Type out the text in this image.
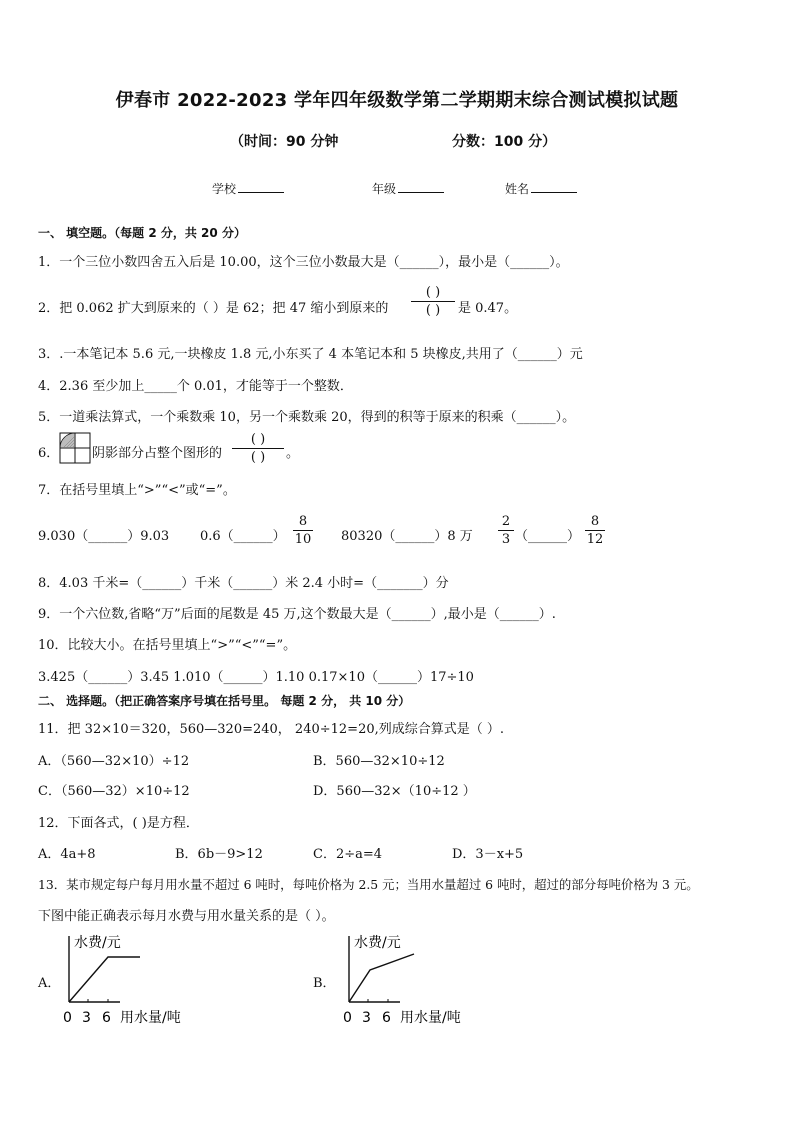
伊春市 2022-2023 学年四年级数学第二学期期末综合测试模拟试题
（时间：90 分钟	分数：100 分）
学校	年级	姓名
一、 填空题。（每题 2 分，共 20 分）
1．一个三位小数四舍五入后是 10.00，这个三位小数最大是（______），最小是（______）。
2．把 0.062 扩大到原来的（ ）是 62；把 47 缩小到原来的
( )
( ) 是 0.47。
3．.一本笔记本 5.6 元,一块橡皮 1.8 元,小东买了 4 本笔记本和 5 块橡皮,共用了（______）元
4．2.36 至少加上_____个 0.01，才能等于一个整数．
5．一道乘法算式，一个乘数乘 10，另一个乘数乘 20，得到的积等于原来的积乘（______）。
6．	阴影部分占整个图形的
( )
( ) 。
7．在括号里填上“>”“<”或“=”。
9.030（______）9.03 0.6（______）
8
10 80320（______）8 万
2
3 （______）
8
12
8．4.03 千米=（______）千米（______）米 2.4 小时=（_______）分
9．一个六位数,省略“万”后面的尾数是 45 万,这个数最大是（______）,最小是（______）.
10．比较大小。在括号里填上“>”“<”“=”。
3.425（______）3.45 1.010（______）1.10 0.17×10（______）17÷10
二、 选择题。（把正确答案序号填在括号里。 每题 2 分， 共 10 分）
11．把 32×10＝320，560—320=240， 240÷12=20,列成综合算式是（ ）.
A．（560—32×10）÷12	B．560—32×10÷12
C．（560—32）×10÷12	D．560—32×（10÷12 ）
12．下面各式，( )是方程．
A．4a+8	B．6b－9>12	C．2÷a=4	D．3－x+5
13．某市规定每户每月用水量不超过 6 吨时，每吨价格为 2.5 元；当用水量超过 6 吨时，超过的部分每吨价格为 3 元。
下图中能正确表示每月水费与用水量关系的是（ ）。
A．
水费/元
0 3 6 用水量/吨
B．
水费/元
0 3 6 用水量/吨
